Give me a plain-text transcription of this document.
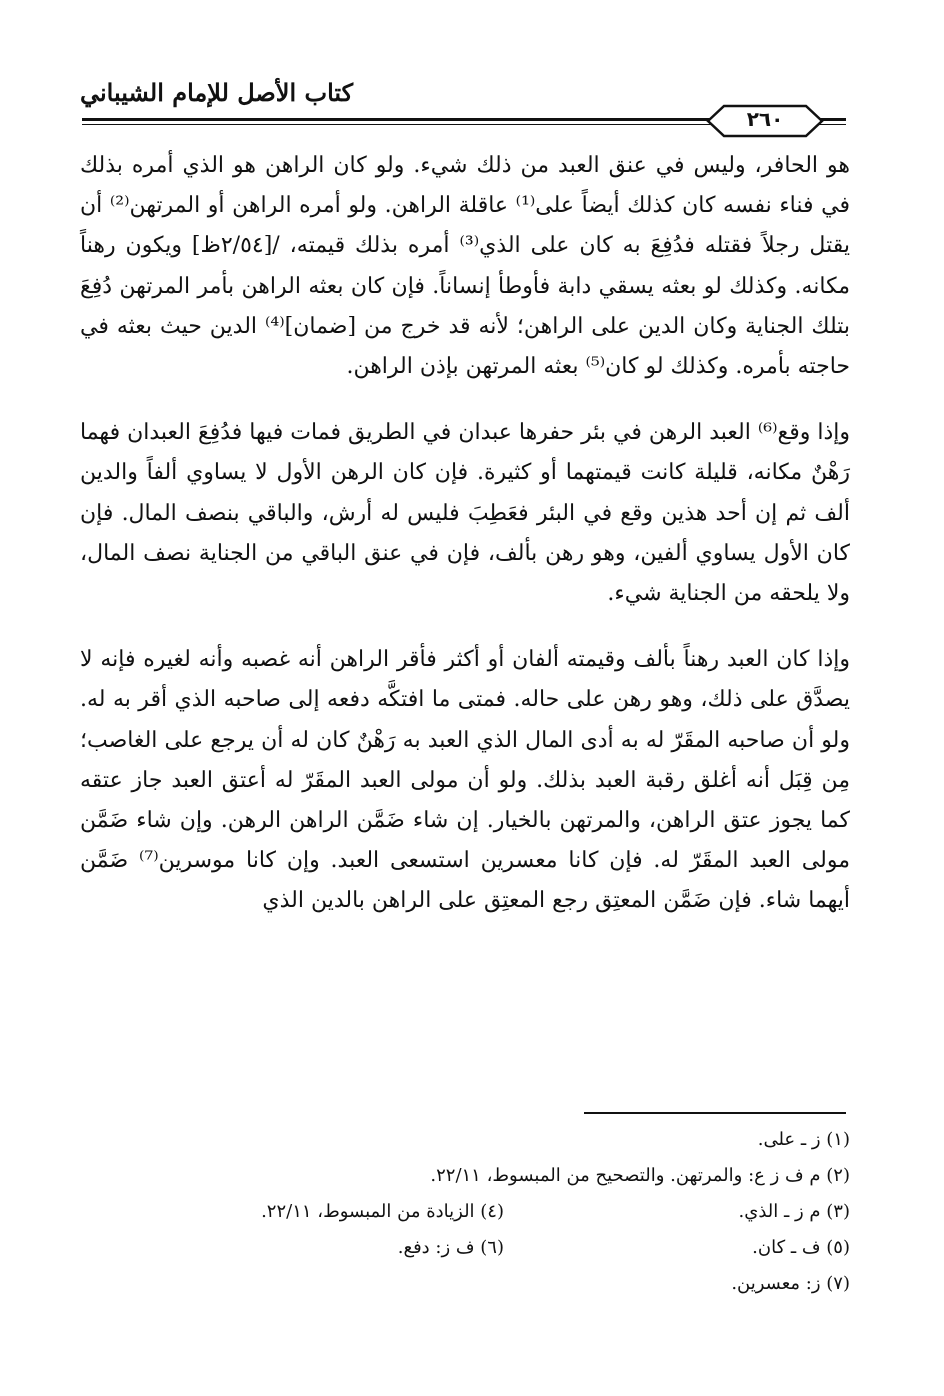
كتاب الأصل للإمام الشيباني
٢٦٠

هو الحافر، وليس في عنق العبد من ذلك شيء. ولو كان الراهن هو الذي أمره بذلك في فناء نفسه كان كذلك أيضاً على⁽¹⁾ عاقلة الراهن. ولو أمره الراهن أو المرتهن⁽²⁾ أن يقتل رجلاً فقتله فدُفِعَ به كان على الذي⁽³⁾ أمره بذلك قيمته، /[٢/٥٤ظ] ويكون رهناً مكانه. وكذلك لو بعثه يسقي دابة فأوطأ إنساناً. فإن كان بعثه الراهن بأمر المرتهن دُفِعَ بتلك الجناية وكان الدين على الراهن؛ لأنه قد خرج من [ضمان]⁽⁴⁾ الدين حيث بعثه في حاجته بأمره. وكذلك لو كان⁽⁵⁾ بعثه المرتهن بإذن الراهن.

وإذا وقع⁽⁶⁾ العبد الرهن في بئر حفرها عبدان في الطريق فمات فيها فدُفِعَ العبدان فهما رَهْنٌ مكانه، قليلة كانت قيمتهما أو كثيرة. فإن كان الرهن الأول لا يساوي ألفاً والدين ألف ثم إن أحد هذين وقع في البئر فعَطِبَ فليس له أرش، والباقي بنصف المال. فإن كان الأول يساوي ألفين، وهو رهن بألف، فإن في عنق الباقي من الجناية نصف المال، ولا يلحقه من الجناية شيء.

وإذا كان العبد رهناً بألف وقيمته ألفان أو أكثر فأقر الراهن أنه غصبه وأنه لغيره فإنه لا يصدَّق على ذلك، وهو رهن على حاله. فمتى ما افتكَّه دفعه إلى صاحبه الذي أقر به له. ولو أن صاحبه المقَرّ له به أدى المال الذي العبد به رَهْنٌ كان له أن يرجع على الغاصب؛ مِن قِبَل أنه أغلق رقبة العبد بذلك. ولو أن مولى العبد المقَرّ له أعتق العبد جاز عتقه كما يجوز عتق الراهن، والمرتهن بالخيار. إن شاء ضَمَّن الراهن الرهن. وإن شاء ضَمَّن مولى العبد المقَرّ له. فإن كانا معسرين استسعى العبد. وإن كانا موسرين⁽⁷⁾ ضَمَّن أيهما شاء. فإن ضَمَّن المعتِق رجع المعتِق على الراهن بالدين الذي

(١) ز ـ على.
(٢) م ف ز ع: والمرتهن. والتصحيح من المبسوط، ٢٢/١١.
(٣) م ز ـ الذي.
(٤) الزيادة من المبسوط، ٢٢/١١.
(٥) ف ـ كان.
(٦) ف ز: دفع.
(٧) ز: معسرين.
